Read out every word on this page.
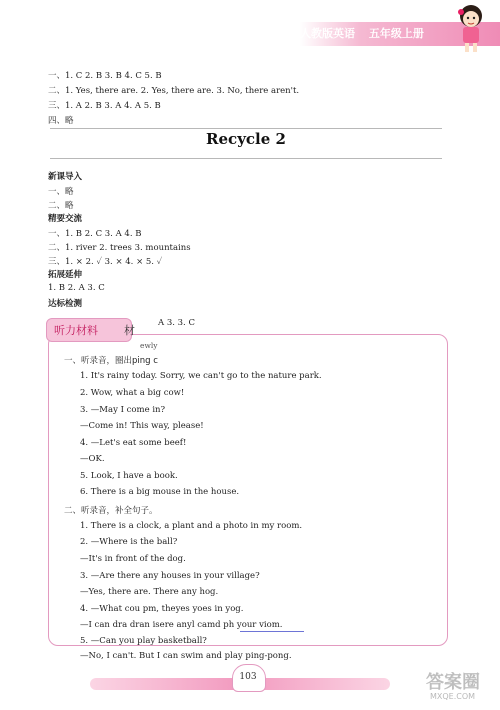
人教版英语 五年级上册
一、1. C 2. B 3. B 4. C 5. B
二、1. Yes, there are. 2. Yes, there are. 3. No, there aren't.
三、1. A 2. B 3. A 4. A 5. B
四、略
Recycle 2
新课导入
一、略
二、略
精要交流
一、1. B 2. C 3. A 4. B
二、1. river 2. trees 3. mountains
三、1. × 2. ✓ 3. × 4. × 5. ✓
拓展延伸
1. B 2. A 3. C
达标检测
A 3. 3. C
听力材料 材
ewly
一、听录音，圈出ping c
1. It's rainy today. Sorry, we can't go to the nature park.
2. Wow, what a big cow!
3. —May I come in?
—Come in! This way, please!
4. —Let's eat some beef!
—OK.
5. Look, I have a book.
6. There is a big mouse in the house.
二、听录音，补全句子。
1. There is a clock, a plant and a photo in my room.
2. —Where is the ball?
—It's in front of the dog.
3. —Are there any houses in your village?
—Yes, there are. There any hog.
4. —What cou pm, theyes yoes in yog.
—I can dra dran isere anyl camd ph your viom.
5. —Can you play basketball?
—No, I can't. But I can swim and play ping-pong.
103	答案圈
MXQE.COM
